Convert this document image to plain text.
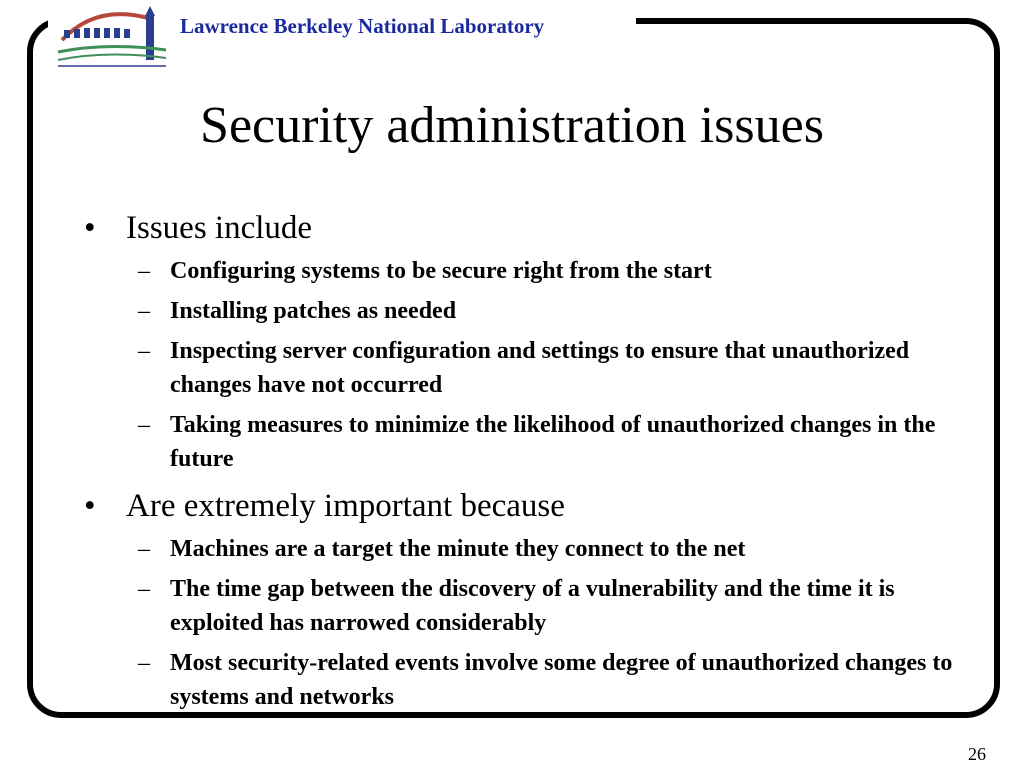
Lawrence Berkeley National Laboratory
Security administration issues
• Issues include
– Configuring systems to be secure right from the start
– Installing patches as needed
– Inspecting server configuration and settings to ensure that unauthorized changes have not occurred
– Taking measures to minimize the likelihood of unauthorized changes in the future
• Are extremely important because
– Machines are a target the minute they connect to the net
– The time gap between the discovery of a vulnerability and the time it is exploited has narrowed considerably
– Most security-related events involve some degree of unauthorized changes to systems and networks
26
